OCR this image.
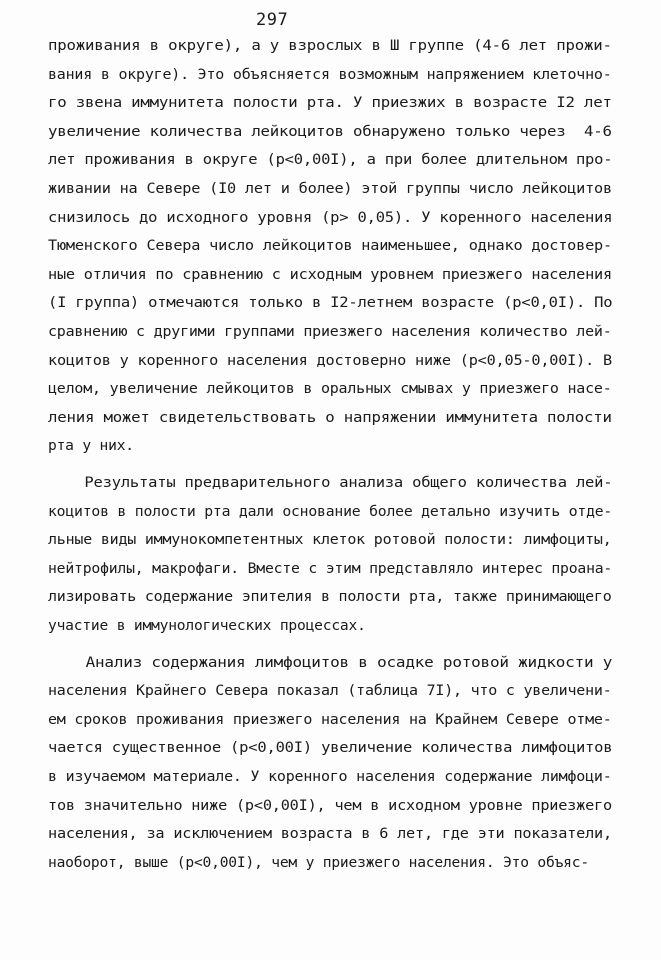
297
проживания в округе), а у взрослых в Ш группе (4-6 лет прожи-
вания в округе). Это объясняется возможным напряжением клеточно-
го звена иммунитета полости рта. У приезжих в возрасте I2 лет
увеличение количества лейкоцитов обнаружено только через  4-6
лет проживания в округе (p<0,00I), а при более длительном про-
живании на Севере (I0 лет и более) этой группы число лейкоцитов
снизилось до исходного уровня (p> 0,05). У коренного населения
Тюменского Севера число лейкоцитов наименьшее, однако достовер-
ные отличия по сравнению с исходным уровнем приезжего населения
(I группа) отмечаются только в I2-летнем возрасте (p<0,0I). По
сравнению с другими группами приезжего населения количество лей-
коцитов у коренного населения достоверно ниже (p<0,05-0,00I). В
целом, увеличение лейкоцитов в оральных смывах у приезжего насе-
ления может свидетельствовать о напряжении иммунитета полости
рта у них.
Результаты предварительного анализа общего количества лей-
коцитов в полости рта дали основание более детально изучить отде-
льные виды иммунокомпетентных клеток ротовой полости: лимфоциты,
нейтрофилы, макрофаги. Вместе с этим представляло интерес проана-
лизировать содержание эпителия в полости рта, также принимающего
участие в иммунологических процессах.
Анализ содержания лимфоцитов в осадке ротовой жидкости у
населения Крайнего Севера показал (таблица 7I), что с увеличени-
ем сроков проживания приезжего населения на Крайнем Севере отме-
чается существенное (p<0,00I) увеличение количества лимфоцитов
в изучаемом материале. У коренного населения содержание лимфоци-
тов значительно ниже (p<0,00I), чем в исходном уровне приезжего
населения, за исключением возраста в 6 лет, где эти показатели,
наоборот, выше (p<0,00I), чем у приезжего населения. Это объяс-
